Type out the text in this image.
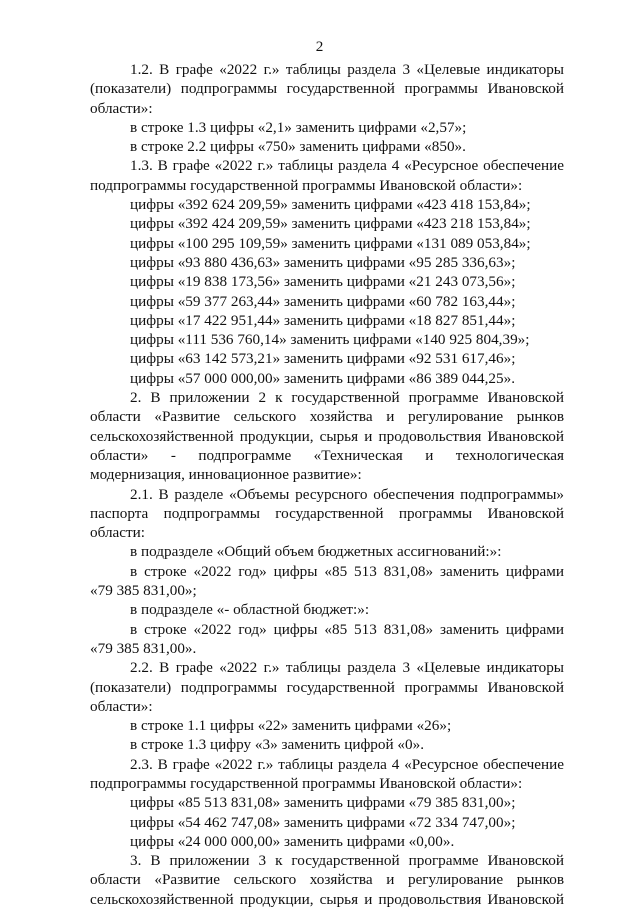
2
1.2. В графе «2022 г.» таблицы раздела 3 «Целевые индикаторы
(показатели) подпрограммы государственной программы Ивановской
области»:
в строке 1.3 цифры «2,1» заменить цифрами «2,57»;
в строке 2.2 цифры «750» заменить цифрами «850».
1.3. В графе «2022 г.» таблицы раздела 4 «Ресурсное обеспечение
подпрограммы государственной программы Ивановской области»:
цифры «392 624 209,59» заменить цифрами «423 418 153,84»;
цифры «392 424 209,59» заменить цифрами «423 218 153,84»;
цифры «100 295 109,59» заменить цифрами «131 089 053,84»;
цифры «93 880 436,63» заменить цифрами «95 285 336,63»;
цифры «19 838 173,56» заменить цифрами «21 243 073,56»;
цифры «59 377 263,44» заменить цифрами «60 782 163,44»;
цифры «17 422 951,44» заменить цифрами «18 827 851,44»;
цифры «111 536 760,14» заменить цифрами «140 925 804,39»;
цифры «63 142 573,21» заменить цифрами «92 531 617,46»;
цифры «57 000 000,00» заменить цифрами «86 389 044,25».
2. В приложении 2 к государственной программе Ивановской
области «Развитие сельского хозяйства и регулирование рынков
сельскохозяйственной продукции, сырья и продовольствия Ивановской
области» - подпрограмме «Техническая и технологическая
модернизация, инновационное развитие»:
2.1. В разделе «Объемы ресурсного обеспечения подпрограммы»
паспорта подпрограммы государственной программы Ивановской
области:
в подразделе «Общий объем бюджетных ассигнований:»:
в строке «2022 год» цифры «85 513 831,08» заменить цифрами
«79 385 831,00»;
в подразделе «- областной бюджет:»:
в строке «2022 год» цифры «85 513 831,08» заменить цифрами
«79 385 831,00».
2.2. В графе «2022 г.» таблицы раздела 3 «Целевые индикаторы
(показатели) подпрограммы государственной программы Ивановской
области»:
в строке 1.1 цифры «22» заменить цифрами «26»;
в строке 1.3 цифру «3» заменить цифрой «0».
2.3. В графе «2022 г.» таблицы раздела 4 «Ресурсное обеспечение
подпрограммы государственной программы Ивановской области»:
цифры «85 513 831,08» заменить цифрами «79 385 831,00»;
цифры «54 462 747,08» заменить цифрами «72 334 747,00»;
цифры «24 000 000,00» заменить цифрами «0,00».
3. В приложении 3 к государственной программе Ивановской
области «Развитие сельского хозяйства и регулирование рынков
сельскохозяйственной продукции, сырья и продовольствия Ивановской
